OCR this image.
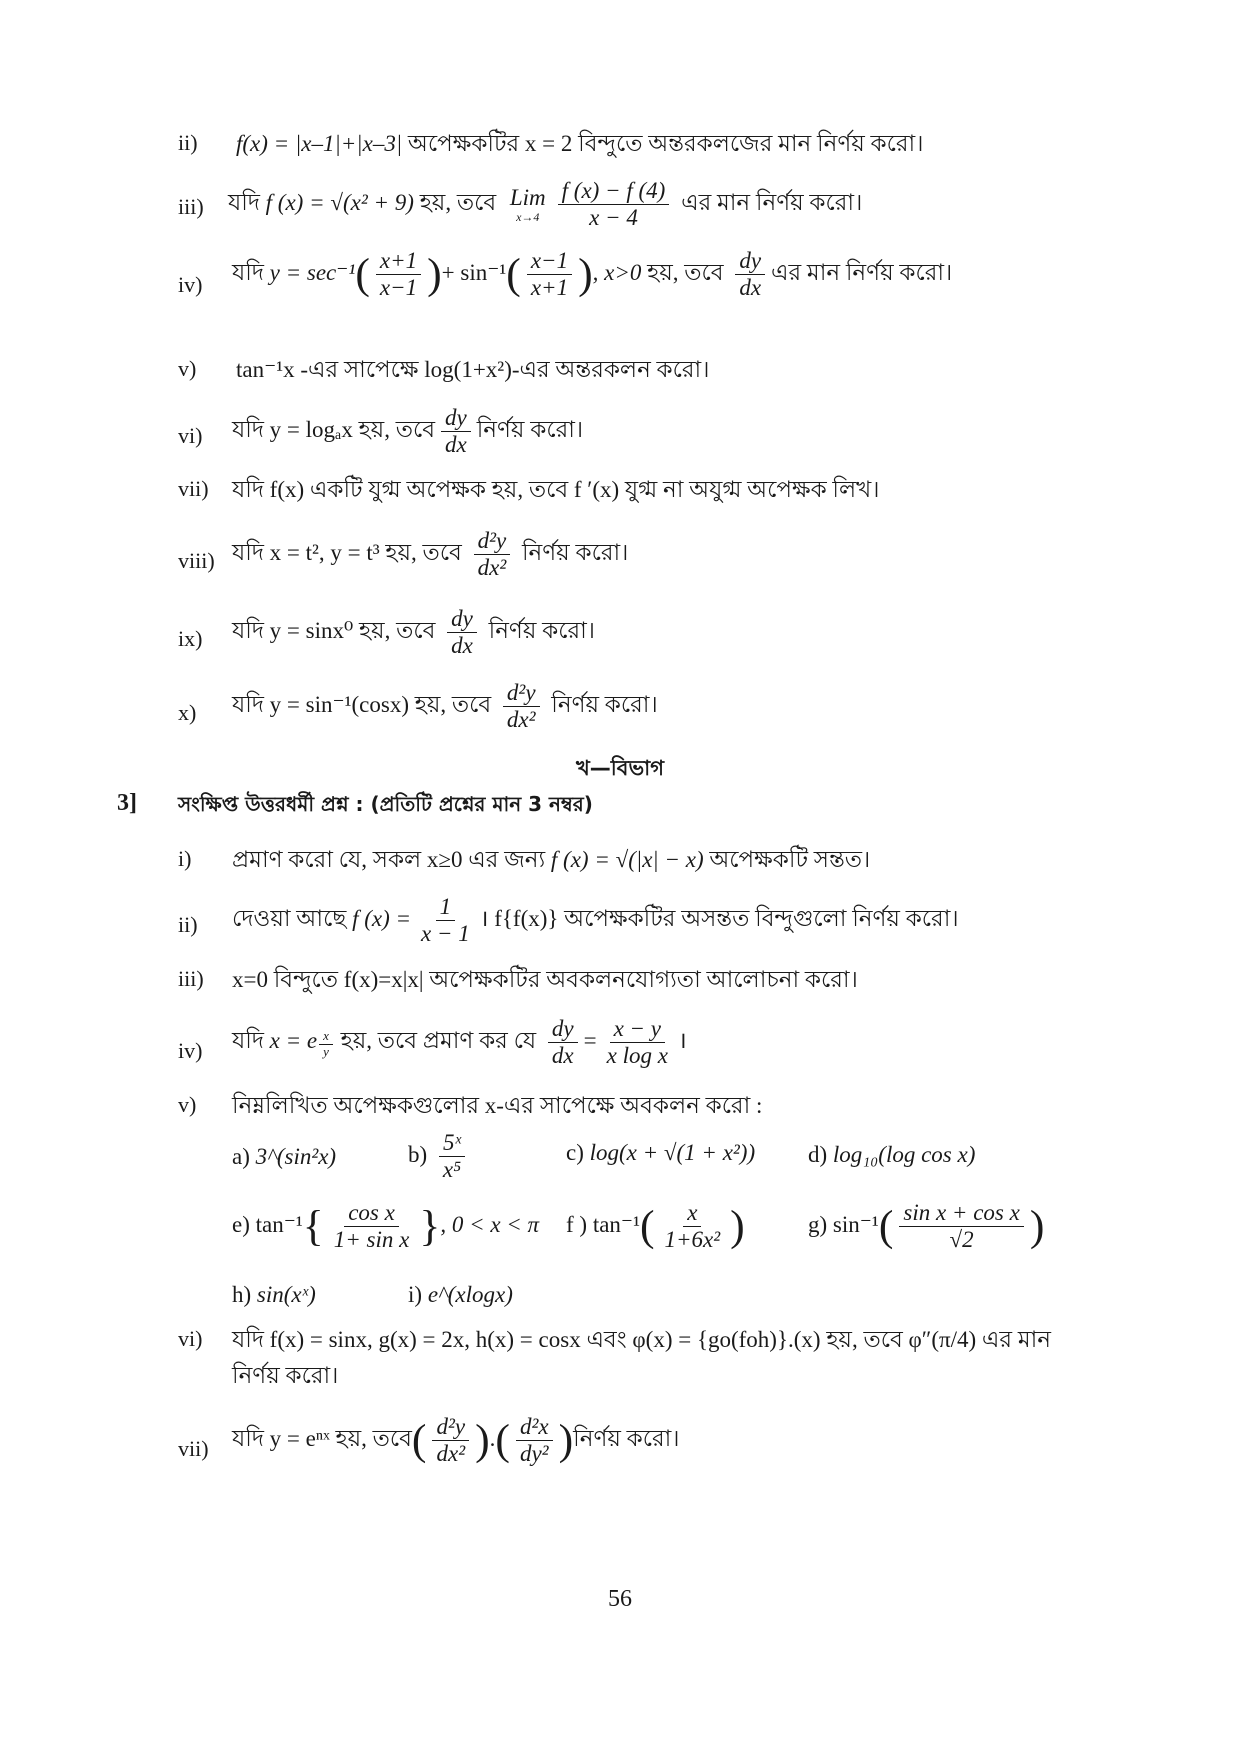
ii) f(x) = |x–1|+|x–3| অপেক্ষকটির x = 2 বিন্দুতে অন্তরকলজের মান নির্ণয় করো।
iii) যদি f (x) = √(x² + 9) হয়, তবে Lim
$x\to 4 \frac{f (x) - f (4)}{x - 4}$ এর মান নির্ণয় করো।
iv) যদি $y = \sec^{-1}( \frac{x+1}{x-1}$ )+ $\sin^{-1}( \frac{x-1}{x+1}$ ), x>0 হয়, তবে $\frac{dy}{dx}$ এর মান নির্ণয় করো।
v) tan⁻¹x -এর সাপেক্ষে log(1+x²)-এর অন্তরকলন করো।
vi) যদি y = logₐx হয়, তবে $\frac{dy}{dx}$ নির্ণয় করো।
vii) যদি f(x) একটি যুগ্ম অপেক্ষক হয়, তবে f ′(x) যুগ্ম না অযুগ্ম অপেক্ষক লিখ।
viii) যদি x = t², y = t³ হয়, তবে $\frac{\text{d²y}}{\text{dx²}}$ নির্ণয় করো।
ix) যদি y = sinx⁰ হয়, তবে $\frac{dy}{dx}$ নির্ণয় করো।
x) যদি y = sin⁻¹(cosx) হয়, তবে $\frac{\text{d²y}}{\text{dx²}}$ নির্ণয় করো।
খ—বিভাগ
3] সংক্ষিপ্ত উত্তরধর্মী প্রশ্ন : (প্রতিটি প্রশ্নের মান 3 নম্বর)
i) প্রমাণ করো যে, সকল x≥0 এর জন্য f (x) = √(|x| − x) অপেক্ষকটি সন্তত।
ii) দেওয়া আছে f $(x) = \frac{1}{x - 1}$ । f{f(x)} অপেক্ষকটির অসন্তত বিন্দুগুলো নির্ণয় করো।
iii) x=0 বিন্দুতে f(x)=x|x| অপেক্ষকটির অবকলনযোগ্যতা আলোচনা করো।
iv) যদি x = e $\frac{x}{y}$ হয়, তবে প্রমাণ কর যে $\frac{dy}{dx} = \frac{x - y}{\text{x log x}}$ ।
v) নিম্নলিখিত অপেক্ষকগুলোর x-এর সাপেক্ষে অবকলন করো :
a) 3^(sin²x)	$b) \frac{\text{5ˣ}}{\text{x⁵}}$	c) log(x + √(1 + x²)) d) log₁₀(log cos x)
e) $\tan^{-1}\{ \frac{\text{cos x}}{\text{1+ sin x}}$ }, 0 < x < π f ) $\tan^{-1}( \frac{x}{\text{1+6x²}}$ )	g) $\sin^{-1}( \frac{\text{sin x + cos x}}{√2}$ )
h) sin(xˣ)	i) e^(xlogx)
vi) যদি f(x) = sinx, g(x) = 2x, h(x) = cosx এবং φ(x) = {go(foh)}.(x) হয়, তবে φ″(π/4) এর মান
নির্ণয় করো।
vii) যদি y = eⁿˣ হয়, তবে( $\frac{\text{d²y}}{\text{dx²}}$ ).( $\frac{\text{d²x}}{\text{dy²}}$ )নির্ণয় করো।
56
